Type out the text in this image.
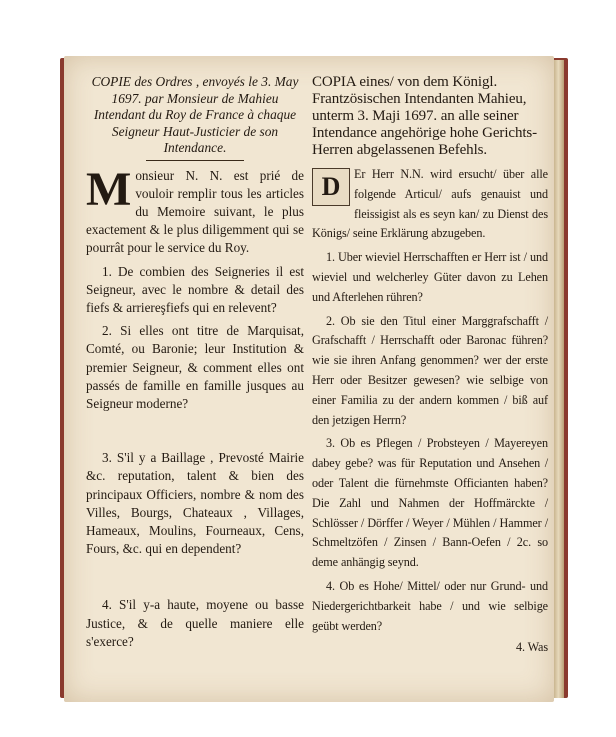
COPIE des Ordres , envoyés le 3. May 1697. par Monsieur de Mahieu Intendant du Roy de France à chaque Seigneur Haut-Justicier de son Intendance.

M onsieur N. N. est prié de vouloir remplir tous les articles du Memoire suivant, le plus exactement & le plus diligemment qui se pourrât pour le service du Roy.

1. De combien des Seigneries il est Seigneur, avec le nombre & detail des fiefs & arriereşfiefs qui en relevent?

2. Si elles ont titre de Marquisat, Comté, ou Baronie; leur Institution & premier Seigneur, & comment elles ont passés de famille en famille jusques au Seigneur moderne?

3. S'il y a Baillage , Prevosté Mairie &c. reputation, talent & bien des principaux Officiers, nombre & nom des Villes, Bourgs, Chateaux , Villages, Hameaux, Moulins, Fourneaux, Cens, Fours, &c. qui en dependent?

4. S'il y-a haute, moyene ou basse Justice, & de quelle maniere elle s'exerce?

COPIA eines/ von dem Königl. Frantzösischen Intendanten Mahieu, unterm 3. Maji 1697. an alle seiner Intendance angehörige hohe Gerichts-Herren abgelassenen Befehls.

D	Er Herr N.N. wird ersucht/ über alle folgende Articul/ aufs genauist und fleissigist als es seyn kan/ zu Dienst des Königs/ seine Erklärung abzugeben.

1. Uber wieviel Herrschafften er Herr ist / und wieviel und welcherley Güter davon zu Lehen und Afterlehen rühren?

2. Ob sie den Titul einer Marggrafschafft / Grafschafft / Herrschafft oder Baronac führen? wie sie ihren Anfang genommen? wer der erste Herr oder Besitzer gewesen? wie selbige von einer Familia zu der andern kommen / biß auf den jetzigen Herrn?

3. Ob es Pflegen / Probsteyen / Mayereyen dabey gebe? was für Reputation und Ansehen / oder Talent die fürnehmste Officianten haben? Die Zahl und Nahmen der Hoffmärckte / Schlösser / Dörffer / Weyer / Mühlen / Hammer / Schmeltzöfen / Zinsen / Bann-Oefen / 2c. so deme anhängig seynd.

4. Ob es Hohe/ Mittel/ oder nur Grund- und Niedergerichtbarkeit habe / und wie selbige geübt werden?

4. Was
